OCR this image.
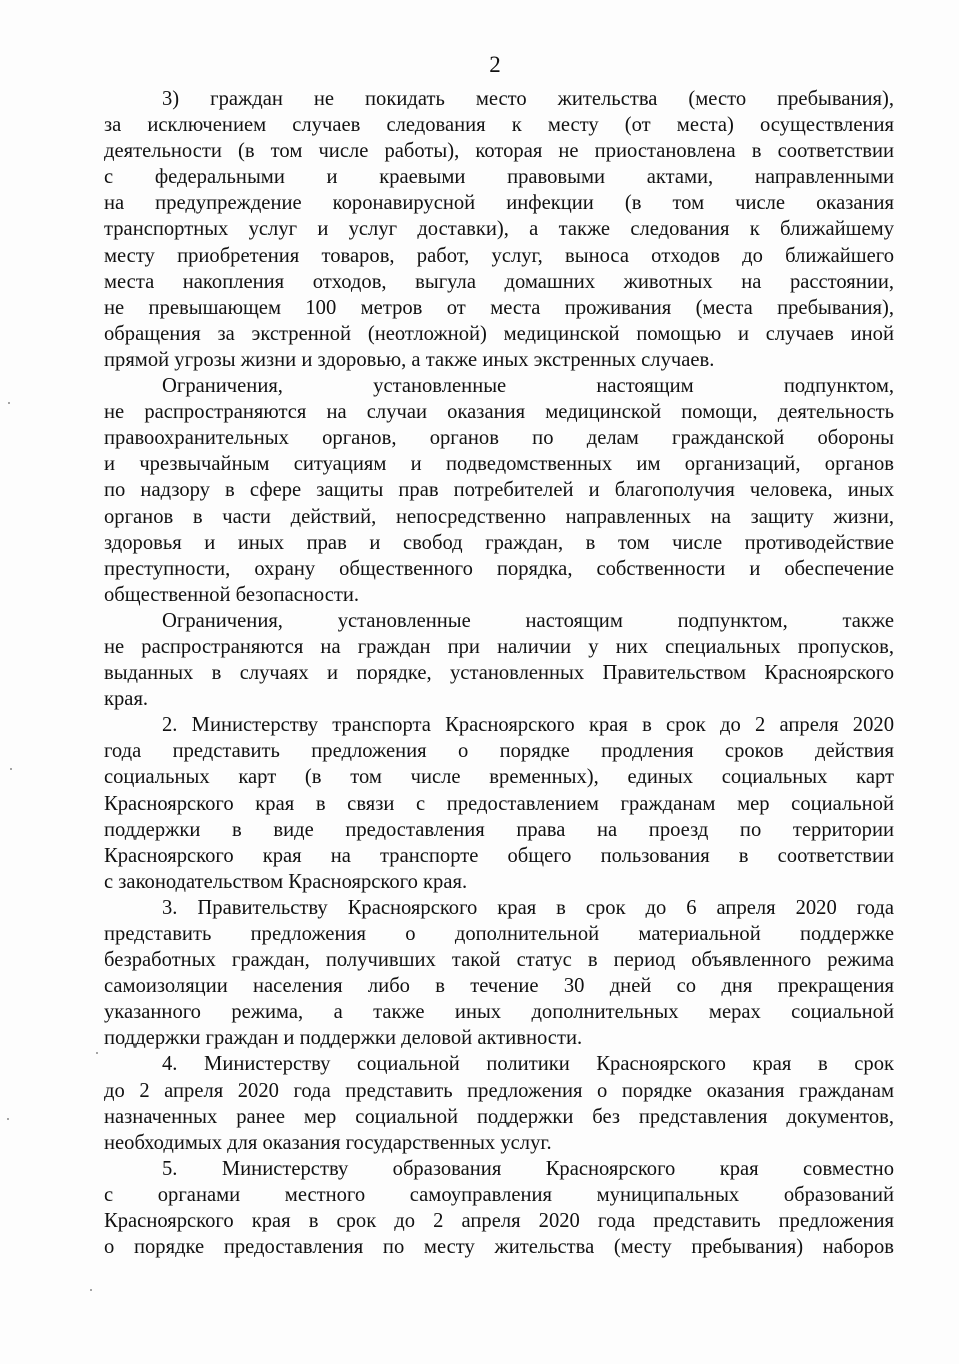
2
3) граждан не покидать место жительства (место пребывания),
за исключением случаев следования к месту (от места) осуществления
деятельности (в том числе работы), которая не приостановлена в соответствии
с федеральными и краевыми правовыми актами, направленными
на предупреждение коронавирусной инфекции (в том числе оказания
транспортных услуг и услуг доставки), а также следования к ближайшему
месту приобретения товаров, работ, услуг, выноса отходов до ближайшего
места накопления отходов, выгула домашних животных на расстоянии,
не превышающем 100 метров от места проживания (места пребывания),
обращения за экстренной (неотложной) медицинской помощью и случаев иной
прямой угрозы жизни и здоровью, а также иных экстренных случаев.
Ограничения, установленные настоящим подпунктом,
не распространяются на случаи оказания медицинской помощи, деятельность
правоохранительных органов, органов по делам гражданской обороны
и чрезвычайным ситуациям и подведомственных им организаций, органов
по надзору в сфере защиты прав потребителей и благополучия человека, иных
органов в части действий, непосредственно направленных на защиту жизни,
здоровья и иных прав и свобод граждан, в том числе противодействие
преступности, охрану общественного порядка, собственности и обеспечение
общественной безопасности.
Ограничения, установленные настоящим подпунктом, также
не распространяются на граждан при наличии у них специальных пропусков,
выданных в случаях и порядке, установленных Правительством Красноярского
края.
2. Министерству транспорта Красноярского края в срок до 2 апреля 2020
года представить предложения о порядке продления сроков действия
социальных карт (в том числе временных), единых социальных карт
Красноярского края в связи с предоставлением гражданам мер социальной
поддержки в виде предоставления права на проезд по территории
Красноярского края на транспорте общего пользования в соответствии
с законодательством Красноярского края.
3. Правительству Красноярского края в срок до 6 апреля 2020 года
представить предложения о дополнительной материальной поддержке
безработных граждан, получивших такой статус в период объявленного режима
самоизоляции населения либо в течение 30 дней со дня прекращения
указанного режима, а также иных дополнительных мерах социальной
поддержки граждан и поддержки деловой активности.
4. Министерству социальной политики Красноярского края в срок
до 2 апреля 2020 года представить предложения о порядке оказания гражданам
назначенных ранее мер социальной поддержки без представления документов,
необходимых для оказания государственных услуг.
5. Министерству образования Красноярского края совместно
с органами местного самоуправления муниципальных образований
Красноярского края в срок до 2 апреля 2020 года представить предложения
о порядке предоставления по месту жительства (месту пребывания) наборов
